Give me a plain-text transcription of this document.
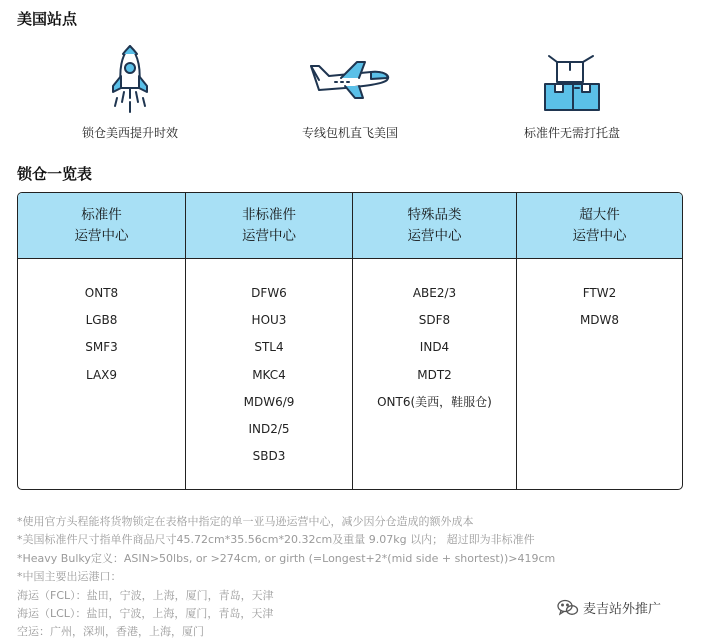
美国站点
锁仓美西提升时效	专线包机直飞美国	标准件无需打托盘
锁仓一览表
标准件
运营中心
ONT8
LGB8
SMF3
LAX9
非标准件
运营中心
DFW6
HOU3
STL4
MKC4
MDW6/9
IND2/5
SBD3
特殊品类
运营中心
ABE2/3
SDF8
IND4
MDT2
ONT6(美西，鞋服仓)
超大件
运营中心
FTW2
MDW8
*使用官方头程能将货物锁定在表格中指定的单一亚马逊运营中心，减少因分仓造成的额外成本
*美国标准件尺寸指单件商品尺寸45.72cm*35.56cm*20.32cm及重量 9.07kg 以内； 超过即为非标准件
*Heavy Bulky定义：ASIN>50lbs, or >274cm, or girth (=Longest+2*(mid side + shortest))>419cm
*中国主要出运港口：
海运（FCL）：盐田，宁波，上海，厦门，青岛，天津
海运（LCL）：盐田，宁波，上海，厦门，青岛，天津
空运：广州，深圳，香港，上海，厦门
麦吉站外推广
